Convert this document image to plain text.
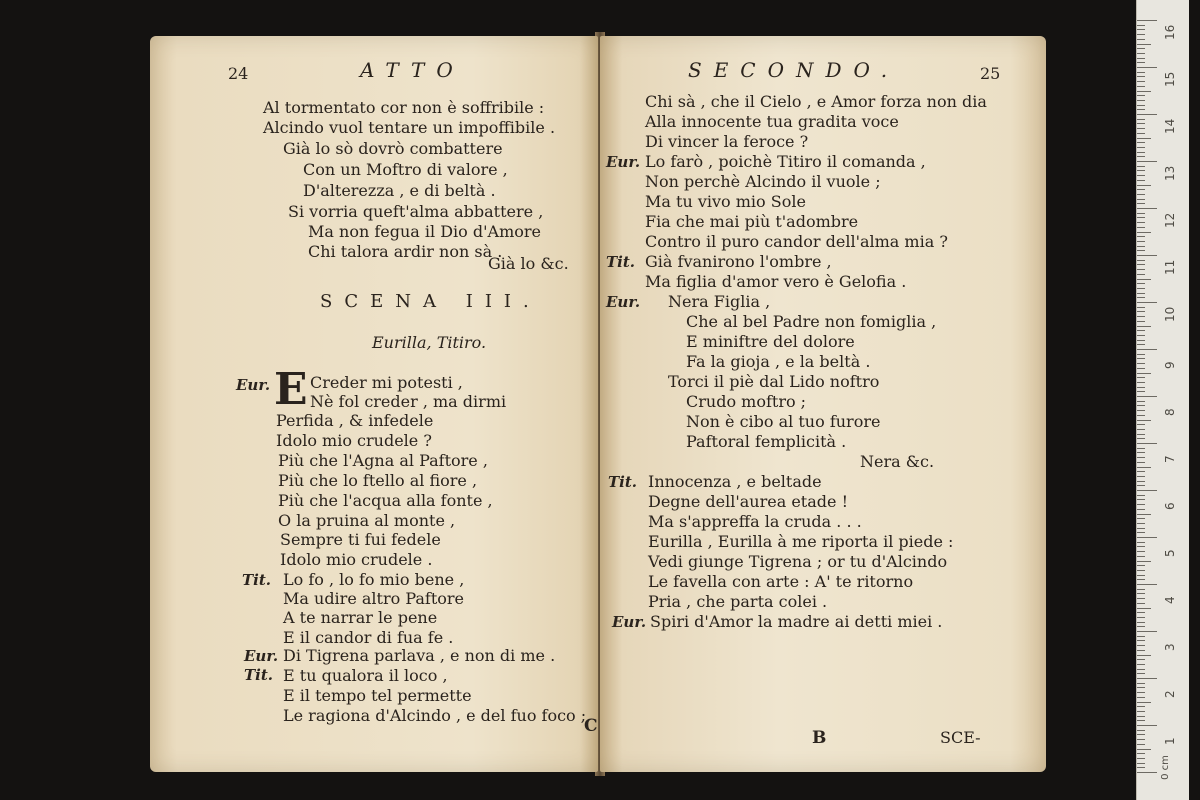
16
15
14
13
12
11
10
9
8
7
6
5
4
3
2
1
0 cm
24	ATTO
Al tormentato cor non è soffribile :
Alcindo vuol tentare un impoffibile .
Già lo sò dovrò combattere
Con un Moftro di valore ,
D'alterezza , e di beltà .
Si vorria queft'alma abbattere ,
Ma non fegua il Dio d'Amore
Chi talora ardir non sà .
Già lo &c.
SCENA III.
Eurilla, Titiro.
Eur. E Creder mi potesti ,
Nè fol creder , ma dirmi
Perfida , & infedele
Idolo mio crudele ?
Più che l'Agna al Paftore ,
Più che lo ftello al fiore ,
Più che l'acqua alla fonte ,
O la pruina al monte ,
Sempre ti fui fedele
Idolo mio crudele .
Tit. Lo fo , lo fo mio bene ,
Ma udire altro Paftore
A te narrar le pene
E il candor di fua fe .
Eur. Di Tigrena parlava , e non di me .
Tit. E tu qualora il loco ,
E il tempo tel permette
Le ragiona d'Alcindo , e del fuo foco ;
C
SECONDO.	25
Chi sà , che il Cielo , e Amor forza non dia
Alla innocente tua gradita voce
Di vincer la feroce ?
Eur. Lo farò , poichè Titiro il comanda ,
Non perchè Alcindo il vuole ;
Ma tu vivo mio Sole
Fia che mai più t'adombre
Contro il puro candor dell'alma mia ?
Tit. Già fvanirono l'ombre ,
Ma figlia d'amor vero è Gelofia .
Eur. Nera Figlia ,
Che al bel Padre non fomiglia ,
E miniftre del dolore
Fa la gioja , e la beltà .
Torci il piè dal Lido noftro
Crudo moftro ;
Non è cibo al tuo furore
Paftoral femplicità .
Nera &c.
Tit. Innocenza , e beltade
Degne dell'aurea etade !
Ma s'appreffa la cruda . . .
Eurilla , Eurilla à me riporta il piede :
Vedi giunge Tigrena ; or tu d'Alcindo
Le favella con arte : A' te ritorno
Pria , che parta colei .
Eur. Spiri d'Amor la madre ai detti miei .
B	SCE-
